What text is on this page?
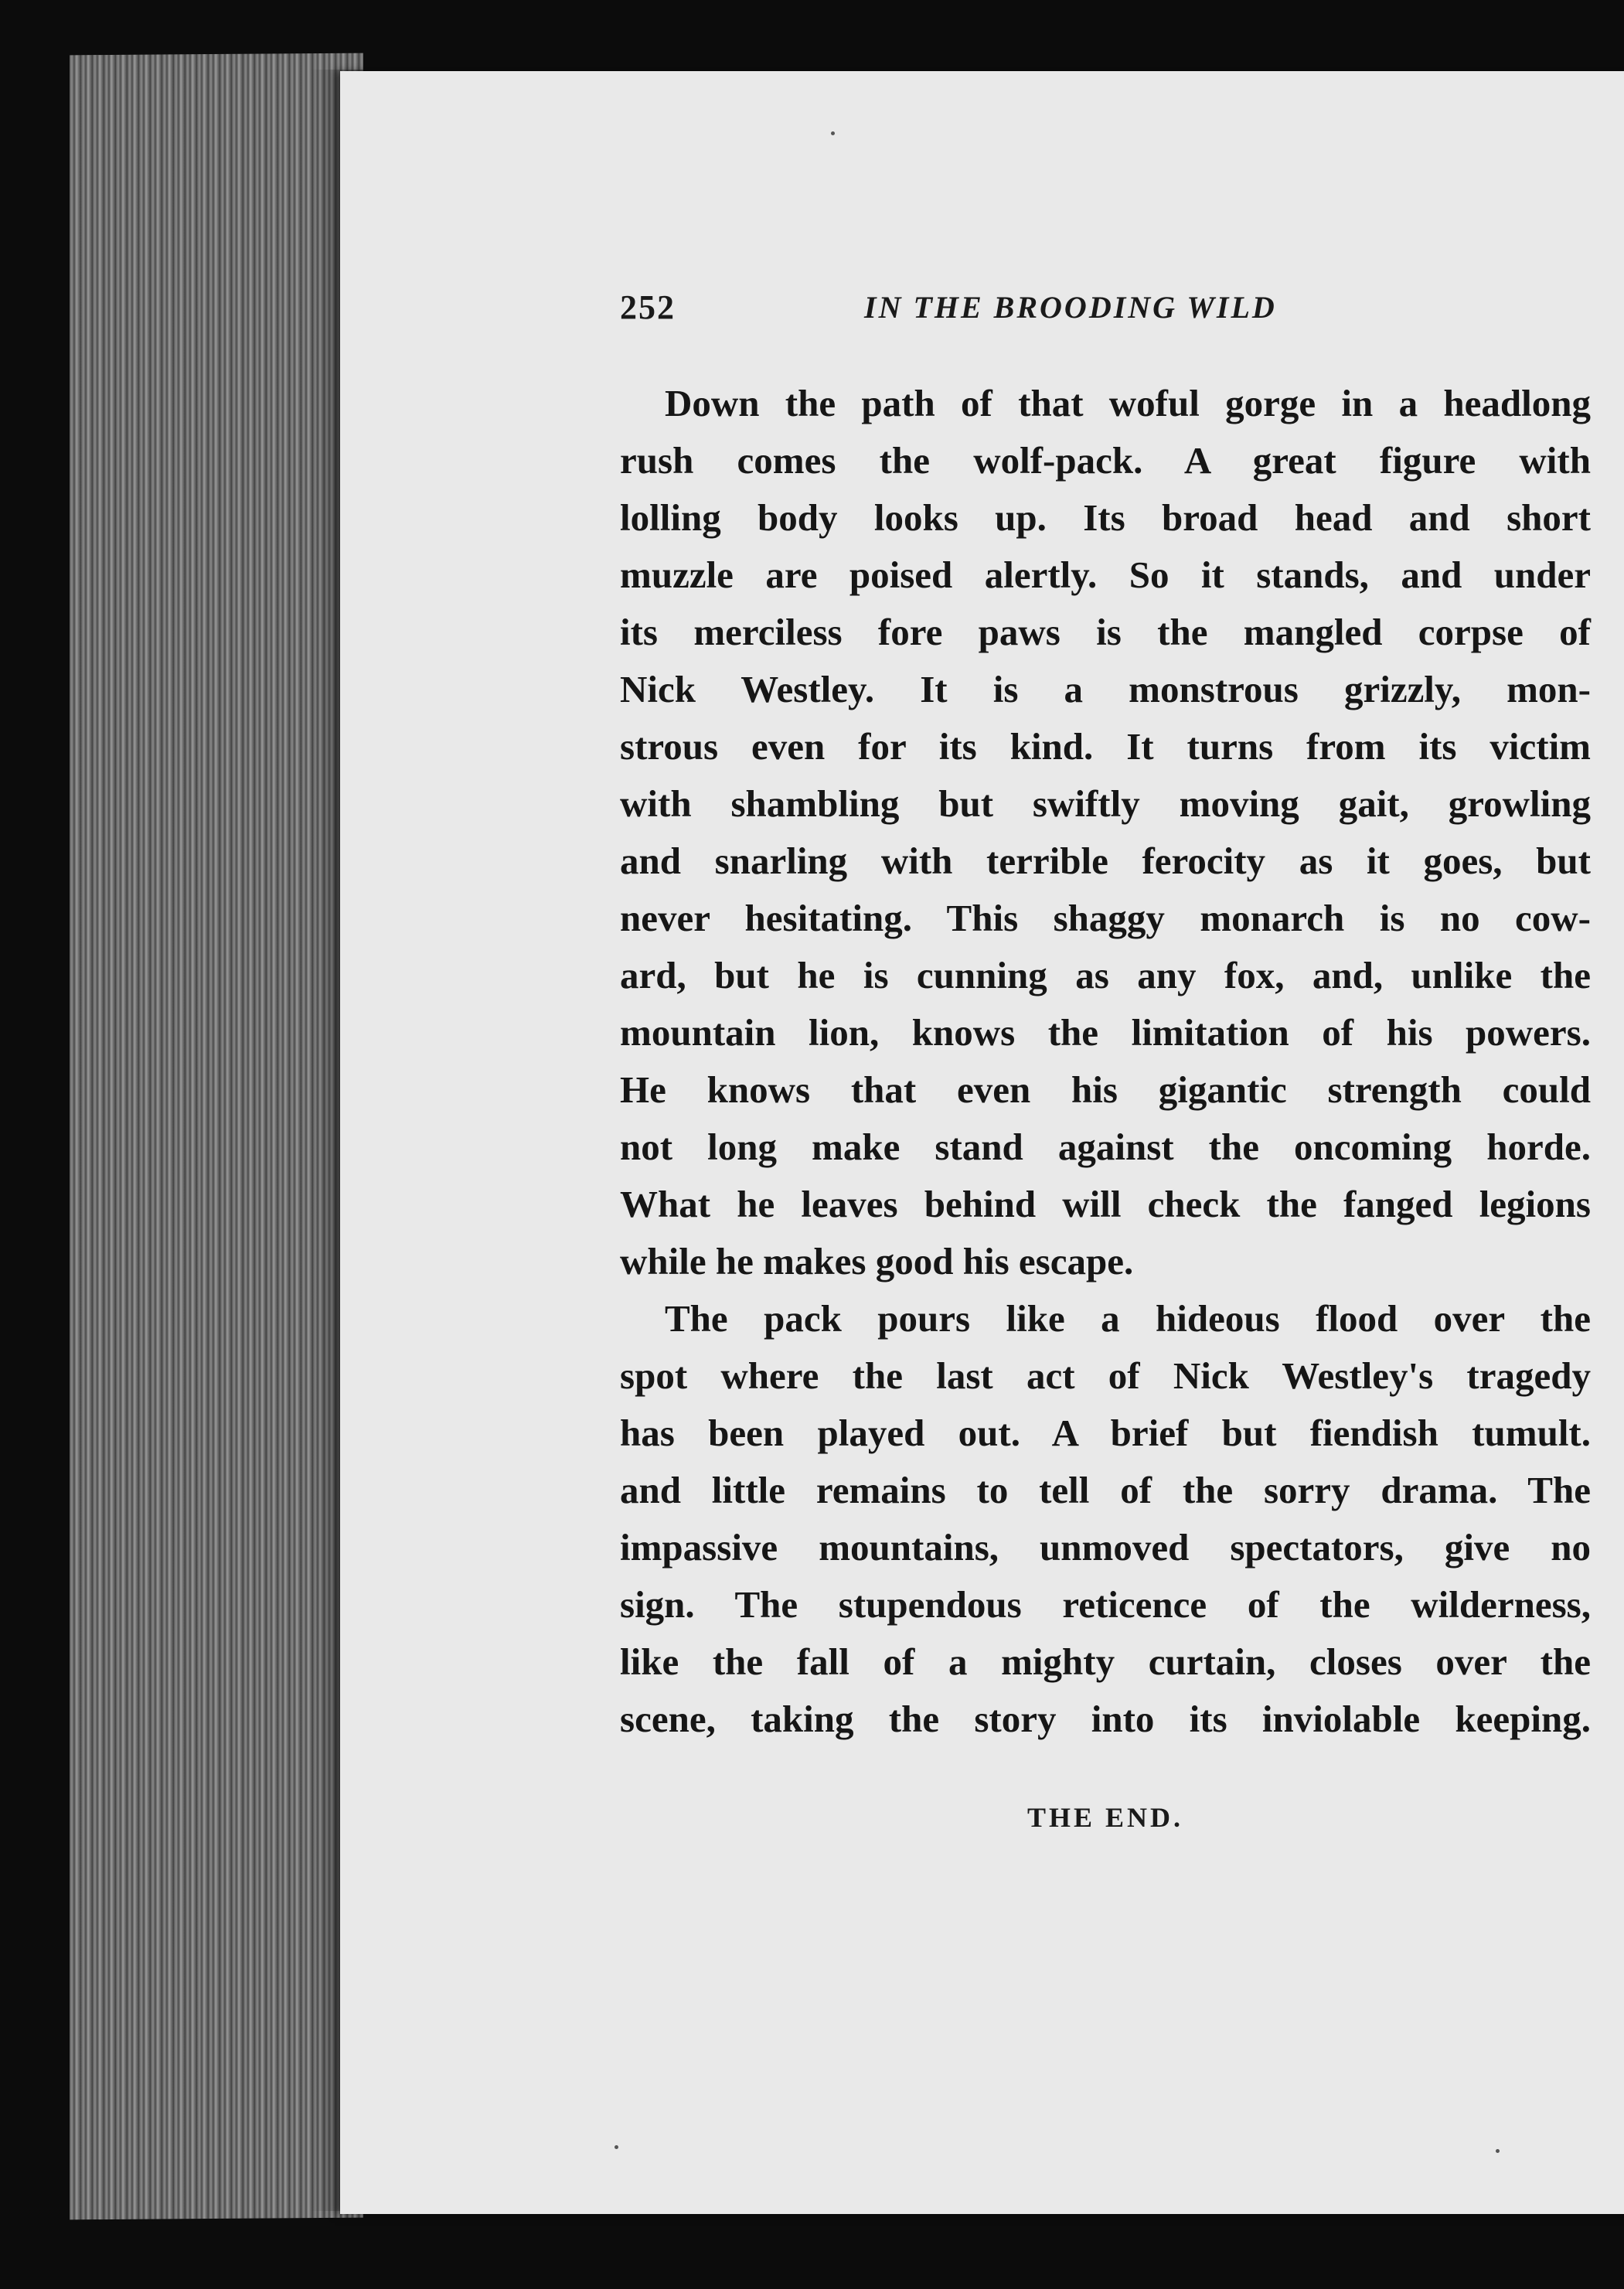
252	IN THE BROODING WILD
Down the path of that woful gorge in a headlong
rush comes the wolf-pack. A great figure with
lolling body looks up. Its broad head and short
muzzle are poised alertly. So it stands, and under
its merciless fore paws is the mangled corpse of
Nick Westley. It is a monstrous grizzly, mon-
strous even for its kind. It turns from its victim
with shambling but swiftly moving gait, growling
and snarling with terrible ferocity as it goes, but
never hesitating. This shaggy monarch is no cow-
ard, but he is cunning as any fox, and, unlike the
mountain lion, knows the limitation of his powers.
He knows that even his gigantic strength could
not long make stand against the oncoming horde.
What he leaves behind will check the fanged legions
while he makes good his escape.
The pack pours like a hideous flood over the
spot where the last act of Nick Westley's tragedy
has been played out. A brief but fiendish tumult.
and little remains to tell of the sorry drama. The
impassive mountains, unmoved spectators, give no
sign. The stupendous reticence of the wilderness,
like the fall of a mighty curtain, closes over the
scene, taking the story into its inviolable keeping.
THE END.
